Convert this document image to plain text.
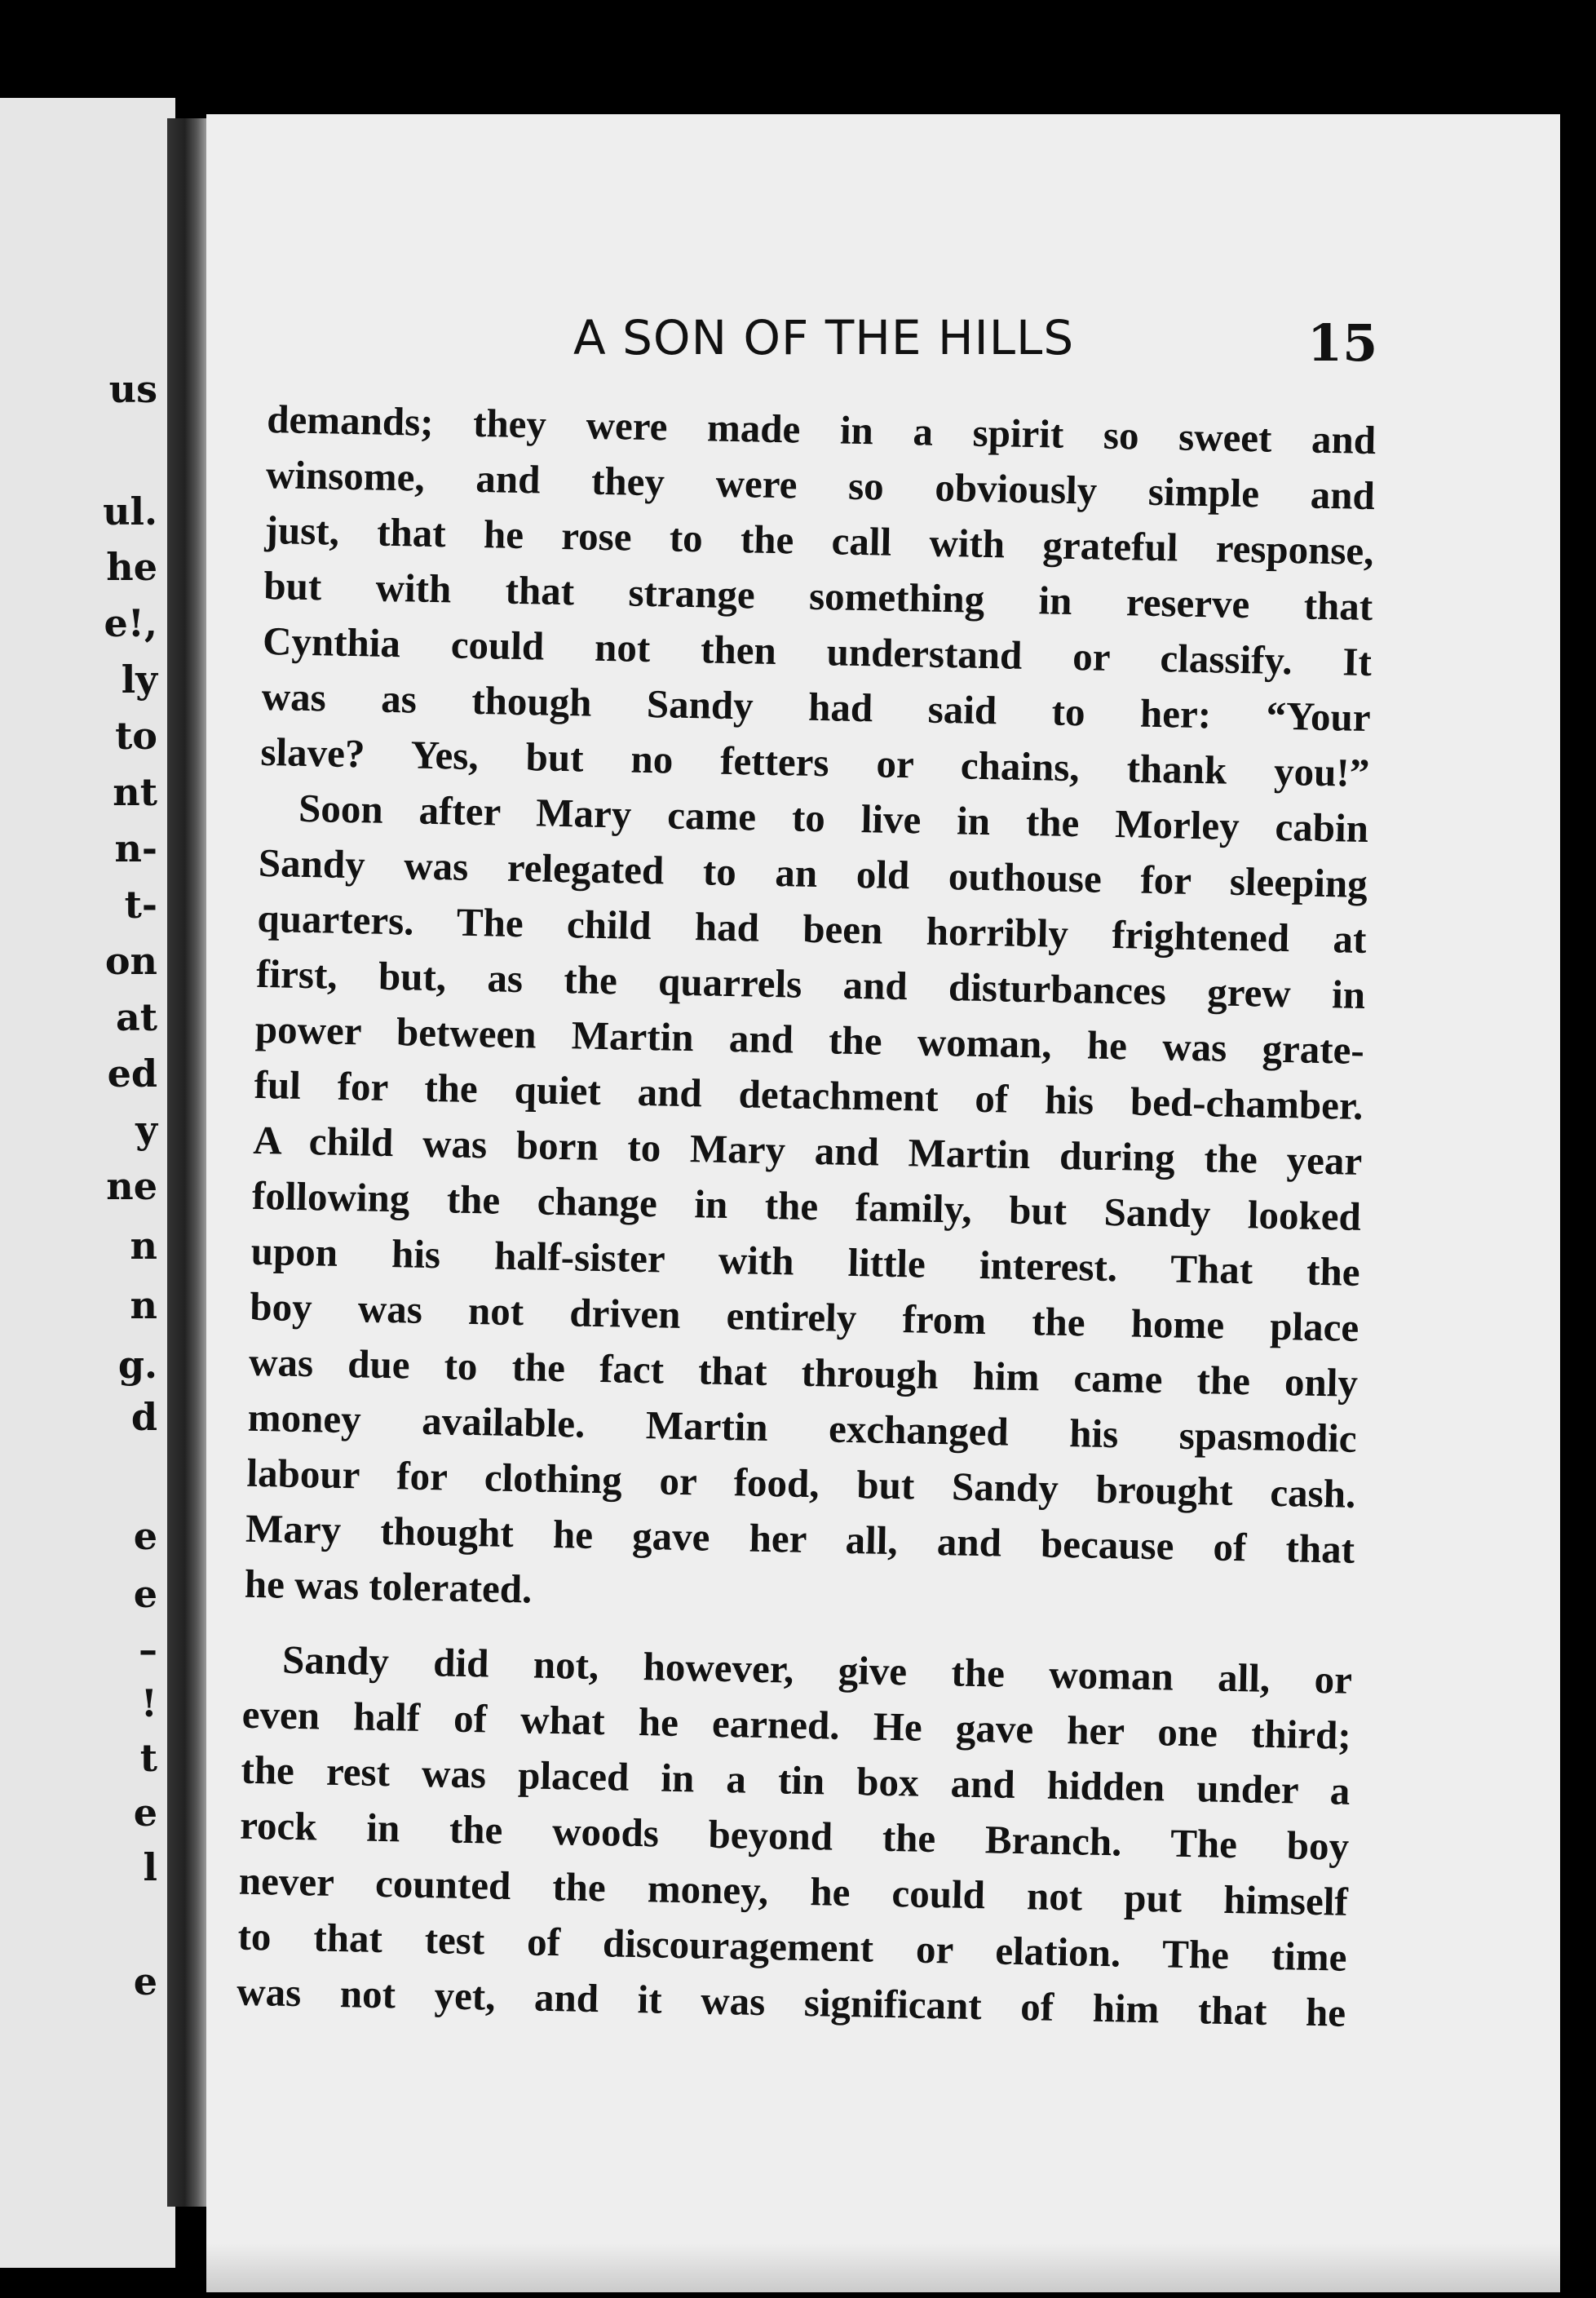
us
ul.
he
e!,
ly
to
nt
n-
t-
on
at
ed
y
ne
n
n
g.
d
e
e
–
!
t
e
l
e
A SON OF THE HILLS	15

demands; they were made in a spirit so sweet and
winsome, and they were so obviously simple and
just, that he rose to the call with grateful response,
but with that strange something in reserve that
Cynthia could not then understand or classify. It
was as though Sandy had said to her: “Your
slave? Yes, but no fetters or chains, thank you!”

Soon after Mary came to live in the Morley cabin
Sandy was relegated to an old outhouse for sleeping
quarters. The child had been horribly frightened at
first, but, as the quarrels and disturbances grew in
power between Martin and the woman, he was grate-
ful for the quiet and detachment of his bed-chamber.
A child was born to Mary and Martin during the year
following the change in the family, but Sandy looked
upon his half-sister with little interest. That the
boy was not driven entirely from the home place
was due to the fact that through him came the only
money available. Martin exchanged his spasmodic
labour for clothing or food, but Sandy brought cash.
Mary thought he gave her all, and because of that
he was tolerated.

Sandy did not, however, give the woman all, or
even half of what he earned. He gave her one third;
the rest was placed in a tin box and hidden under a
rock in the woods beyond the Branch. The boy
never counted the money, he could not put himself
to that test of discouragement or elation. The time
was not yet, and it was significant of him that he
